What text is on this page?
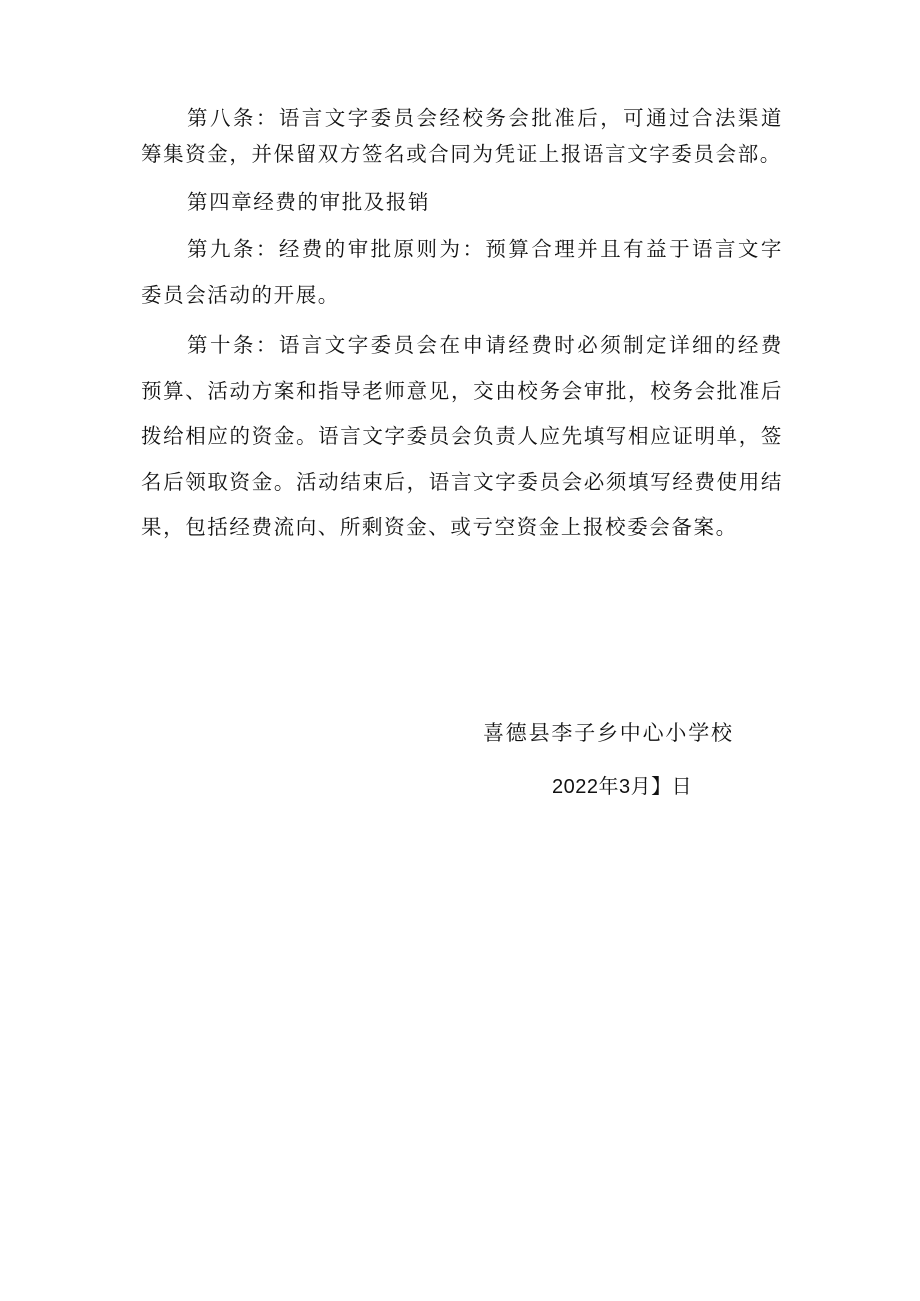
第八条：语言文字委员会经校务会批准后，可通过合法渠道筹集资金，并保留双方签名或合同为凭证上报语言文字委员会部。

第四章经费的审批及报销

第九条：经费的审批原则为：预算合理并且有益于语言文字委员会活动的开展。

第十条：语言文字委员会在申请经费时必须制定详细的经费预算、活动方案和指导老师意见，交由校务会审批，校务会批准后拨给相应的资金。语言文字委员会负责人应先填写相应证明单，签名后领取资金。活动结束后，语言文字委员会必须填写经费使用结果，包括经费流向、所剩资金、或亏空资金上报校委会备案。

喜德县李子乡中心小学校

2022年3月】日
